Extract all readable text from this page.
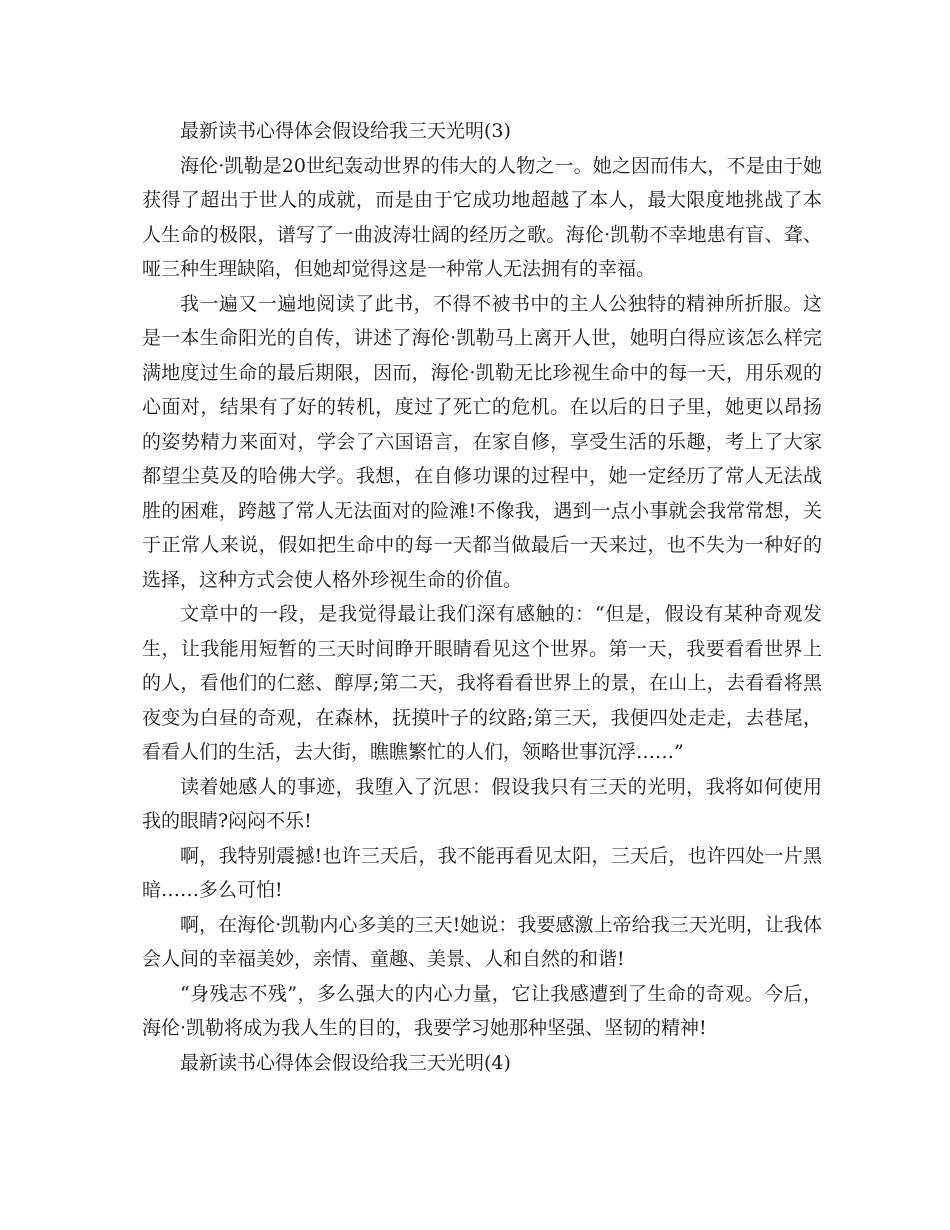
最新读书心得体会假设给我三天光明(3)

海伦·凯勒是20世纪轰动世界的伟大的人物之一。她之因而伟大，不是由于她获得了超出于世人的成就，而是由于它成功地超越了本人，最大限度地挑战了本人生命的极限，谱写了一曲波涛壮阔的经历之歌。海伦·凯勒不幸地患有盲、聋、哑三种生理缺陷，但她却觉得这是一种常人无法拥有的幸福。

我一遍又一遍地阅读了此书，不得不被书中的主人公独特的精神所折服。这是一本生命阳光的自传，讲述了海伦·凯勒马上离开人世，她明白得应该怎么样完满地度过生命的最后期限，因而，海伦·凯勒无比珍视生命中的每一天，用乐观的心面对，结果有了好的转机，度过了死亡的危机。在以后的日子里，她更以昂扬的姿势精力来面对，学会了六国语言，在家自修，享受生活的乐趣，考上了大家都望尘莫及的哈佛大学。我想，在自修功课的过程中，她一定经历了常人无法战胜的困难，跨越了常人无法面对的险滩!不像我，遇到一点小事就会我常常想，关于正常人来说，假如把生命中的每一天都当做最后一天来过，也不失为一种好的选择，这种方式会使人格外珍视生命的价值。

文章中的一段，是我觉得最让我们深有感触的：“但是，假设有某种奇观发生，让我能用短暂的三天时间睁开眼睛看见这个世界。第一天，我要看看世界上的人，看他们的仁慈、醇厚;第二天，我将看看世界上的景，在山上，去看看将黑夜变为白昼的奇观，在森林，抚摸叶子的纹路;第三天，我便四处走走，去巷尾，看看人们的生活，去大街，瞧瞧繁忙的人们，领略世事沉浮……”

读着她感人的事迹，我堕入了沉思：假设我只有三天的光明，我将如何使用我的眼睛?闷闷不乐!

啊，我特别震撼!也许三天后，我不能再看见太阳，三天后，也许四处一片黑暗……多么可怕!

啊，在海伦·凯勒内心多美的三天!她说：我要感激上帝给我三天光明，让我体会人间的幸福美妙，亲情、童趣、美景、人和自然的和谐!

“身残志不残”，多么强大的内心力量，它让我感遭到了生命的奇观。今后，海伦·凯勒将成为我人生的目的，我要学习她那种坚强、坚韧的精神!

最新读书心得体会假设给我三天光明(4)
